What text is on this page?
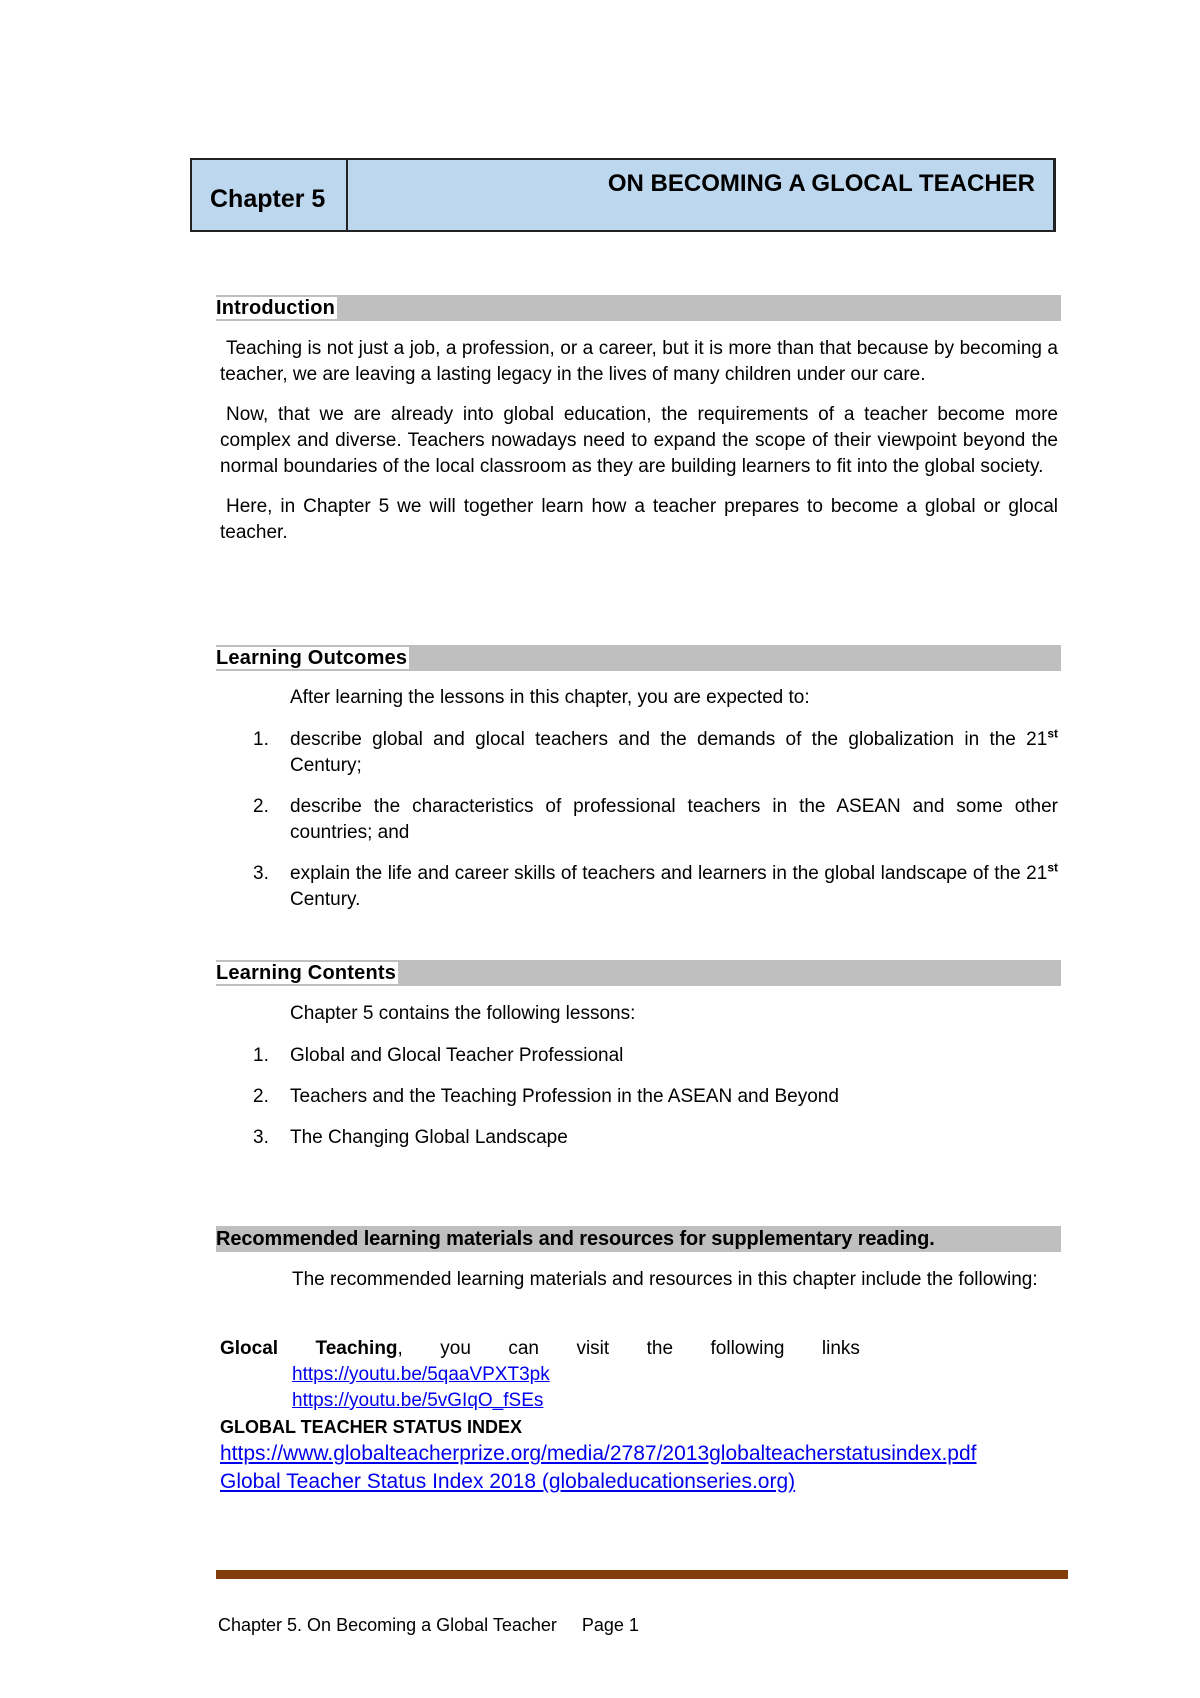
Chapter 5
ON BECOMING A GLOCAL TEACHER
Introduction

Teaching is not just a job, a profession, or a career, but it is more than that because by becoming a teacher, we are leaving a lasting legacy in the lives of many children under our care.

Now, that we are already into global education, the requirements of a teacher become more complex and diverse. Teachers nowadays need to expand the scope of their viewpoint beyond the normal boundaries of the local classroom as they are building learners to fit into the global society.

Here, in Chapter 5 we will together learn how a teacher prepares to become a global or glocal teacher.

Learning Outcomes
After learning the lessons in this chapter, you are expected to:
1. describe global and glocal teachers and the demands of the globalization in the 21st Century;
2. describe the characteristics of professional teachers in the ASEAN and some other countries; and
3. explain the life and career skills of teachers and learners in the global landscape of the 21st Century.
Learning Contents
Chapter 5 contains the following lessons:
1. Global and Glocal Teacher Professional
2. Teachers and the Teaching Profession in the ASEAN and Beyond
3. The Changing Global Landscape
Recommended learning materials and resources for supplementary reading.

The recommended learning materials and resources in this chapter include the following:

Glocal Teaching, you can visit the following links
https://youtu.be/5qaaVPXT3pk
https://youtu.be/5vGIqO_fSEs
GLOBAL TEACHER STATUS INDEX
https://www.globalteacherprize.org/media/2787/2013globalteacherstatusindex.pdf Global Teacher Status Index 2018 (globaleducationseries.org)
Chapter 5. On Becoming a Global Teacher Page 1
